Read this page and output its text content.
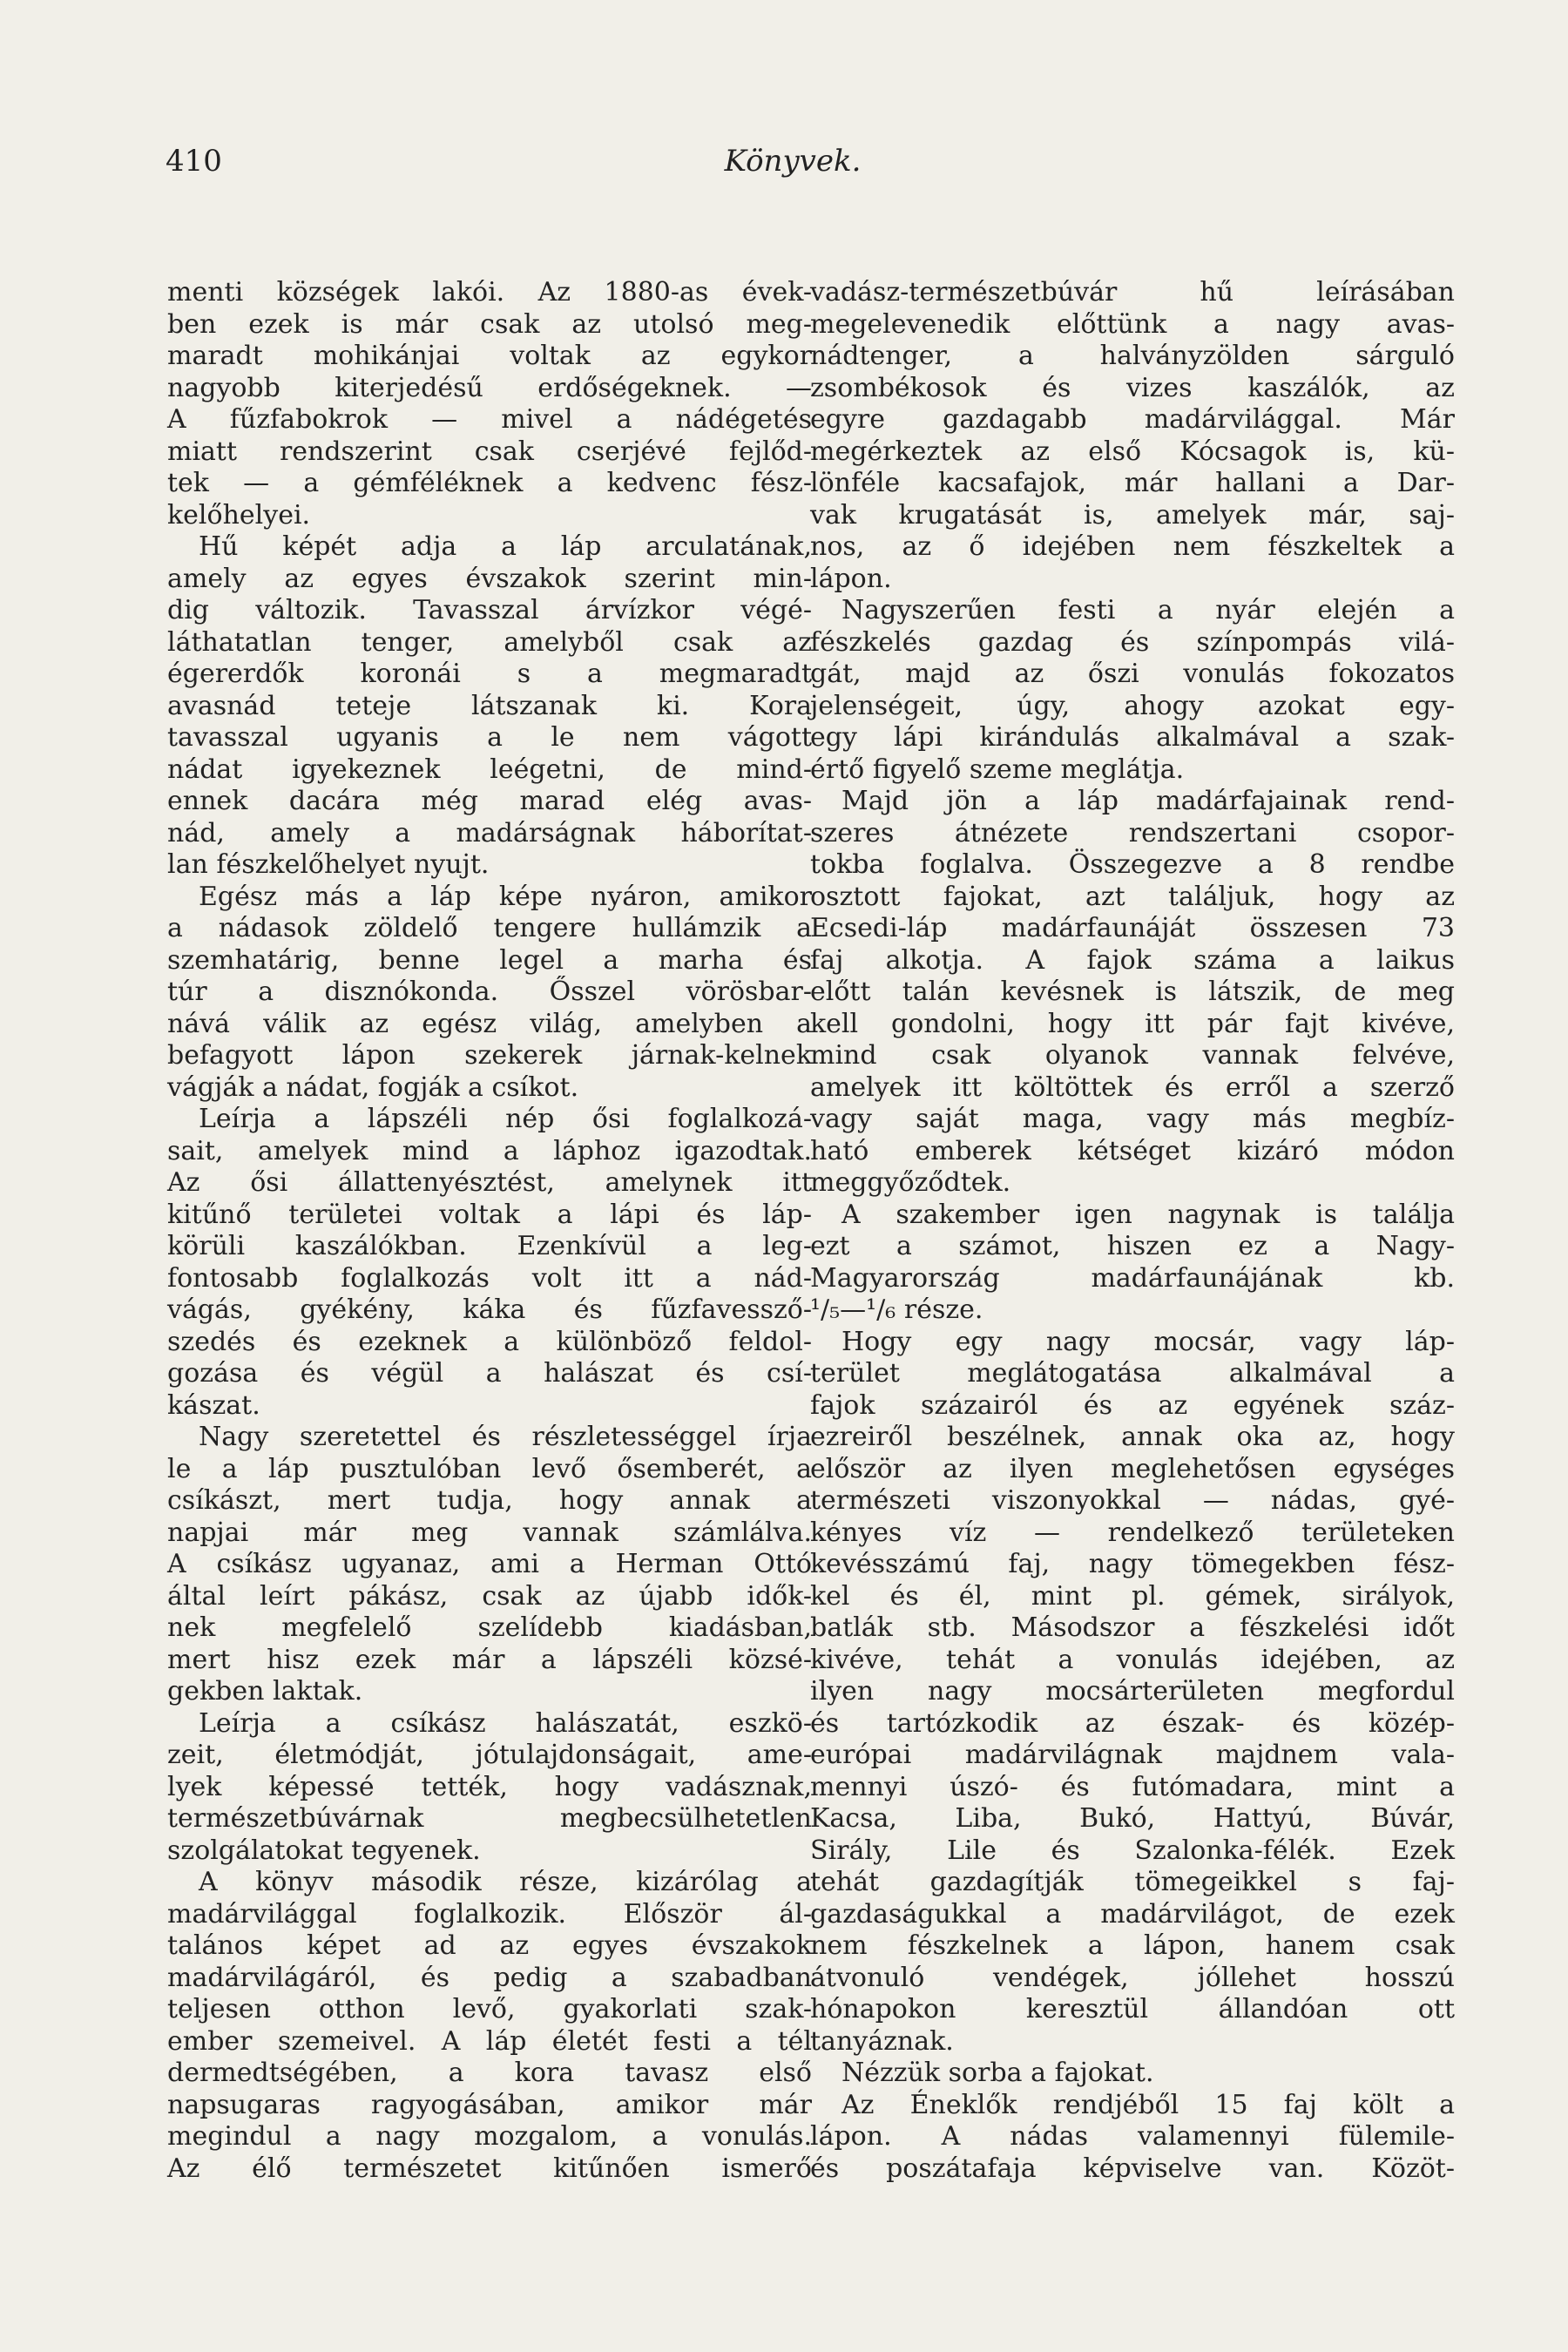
410	Könyvek.
menti községek lakói. Az 1880-as évek-
ben ezek is már csak az utolsó meg-
maradt mohikánjai voltak az egykor
nagyobb kiterjedésű erdőségeknek. —
A fűzfabokrok — mivel a nádégetés
miatt rendszerint csak cserjévé fejlőd-
tek — a gémféléknek a kedvenc fész-
kelőhelyei.
Hű képét adja a láp arculatának,
amely az egyes évszakok szerint min-
dig változik. Tavasszal árvízkor végé-
láthatatlan tenger, amelyből csak az
égererdők koronái s a megmaradt
avasnád teteje látszanak ki. Kora
tavasszal ugyanis a le nem vágott
nádat igyekeznek leégetni, de mind-
ennek dacára még marad elég avas-
nád, amely a madárságnak háborítat-
lan fészkelőhelyet nyujt.
Egész más a láp képe nyáron, amikor
a nádasok zöldelő tengere hullámzik a
szemhatárig, benne legel a marha és
túr a disznókonda. Ősszel vörösbar-
nává válik az egész világ, amelyben a
befagyott lápon szekerek járnak-kelnek
vágják a nádat, fogják a csíkot.
Leírja a lápszéli nép ősi foglalkozá-
sait, amelyek mind a láphoz igazodtak.
Az ősi állattenyésztést, amelynek itt
kitűnő területei voltak a lápi és láp-
körüli kaszálókban. Ezenkívül a leg-
fontosabb foglalkozás volt itt a nád-
vágás, gyékény, káka és fűzfavessző-
szedés és ezeknek a különböző feldol-
gozása és végül a halászat és csí-
kászat.
Nagy szeretettel és részletességgel írja
le a láp pusztulóban levő ősemberét, a
csíkászt, mert tudja, hogy annak a
napjai már meg vannak számlálva.
A csíkász ugyanaz, ami a Herman Ottó
által leírt pákász, csak az újabb idők-
nek megfelelő szelídebb kiadásban,
mert hisz ezek már a lápszéli közsé-
gekben laktak.
Leírja a csíkász halászatát, eszkö-
zeit, életmódját, jótulajdonságait, ame-
lyek képessé tették, hogy vadásznak,
természetbúvárnak megbecsülhetetlen
szolgálatokat tegyenek.
A könyv második része, kizárólag a
madárvilággal foglalkozik. Először ál-
talános képet ad az egyes évszakok
madárvilágáról, és pedig a szabadban
teljesen otthon levő, gyakorlati szak-
ember szemeivel. A láp életét festi a tél
dermedtségében, a kora tavasz első
napsugaras ragyogásában, amikor már
megindul a nagy mozgalom, a vonulás.
Az élő természetet kitűnően ismerő
vadász-természetbúvár hű leírásában
megelevenedik előttünk a nagy avas-
nádtenger, a halványzölden sárguló
zsombékosok és vizes kaszálók, az
egyre gazdagabb madárvilággal. Már
megérkeztek az első Kócsagok is, kü-
lönféle kacsafajok, már hallani a Dar-
vak krugatását is, amelyek már, saj-
nos, az ő idejében nem fészkeltek a
lápon.
Nagyszerűen festi a nyár elején a
fészkelés gazdag és színpompás vilá-
gát, majd az őszi vonulás fokozatos
jelenségeit, úgy, ahogy azokat egy-
egy lápi kirándulás alkalmával a szak-
értő figyelő szeme meglátja.
Majd jön a láp madárfajainak rend-
szeres átnézete rendszertani csopor-
tokba foglalva. Összegezve a 8 rendbe
osztott fajokat, azt találjuk, hogy az
Ecsedi-láp madárfaunáját összesen 73
faj alkotja. A fajok száma a laikus
előtt talán kevésnek is látszik, de meg
kell gondolni, hogy itt pár fajt kivéve,
mind csak olyanok vannak felvéve,
amelyek itt költöttek és erről a szerző
vagy saját maga, vagy más megbíz-
ható emberek kétséget kizáró módon
meggyőződtek.
A szakember igen nagynak is találja
ezt a számot, hiszen ez a Nagy-
Magyarország madárfaunájának kb.
¹/₅—¹/₆ része.
Hogy egy nagy mocsár, vagy láp-
terület meglátogatása alkalmával a
fajok százairól és az egyének száz-
ezreiről beszélnek, annak oka az, hogy
először az ilyen meglehetősen egységes
természeti viszonyokkal — nádas, gyé-
kényes víz — rendelkező területeken
kevésszámú faj, nagy tömegekben fész-
kel és él, mint pl. gémek, sirályok,
batlák stb. Másodszor a fészkelési időt
kivéve, tehát a vonulás idejében, az
ilyen nagy mocsárterületen megfordul
és tartózkodik az észak- és közép-
európai madárvilágnak majdnem vala-
mennyi úszó- és futómadara, mint a
Kacsa, Liba, Bukó, Hattyú, Búvár,
Sirály, Lile és Szalonka-félék. Ezek
tehát gazdagítják tömegeikkel s faj-
gazdaságukkal a madárvilágot, de ezek
nem fészkelnek a lápon, hanem csak
átvonuló vendégek, jóllehet hosszú
hónapokon keresztül állandóan ott
tanyáznak.
Nézzük sorba a fajokat.
Az Éneklők rendjéből 15 faj költ a
lápon. A nádas valamennyi fülemile-
és poszátafaja képviselve van. Közöt-
